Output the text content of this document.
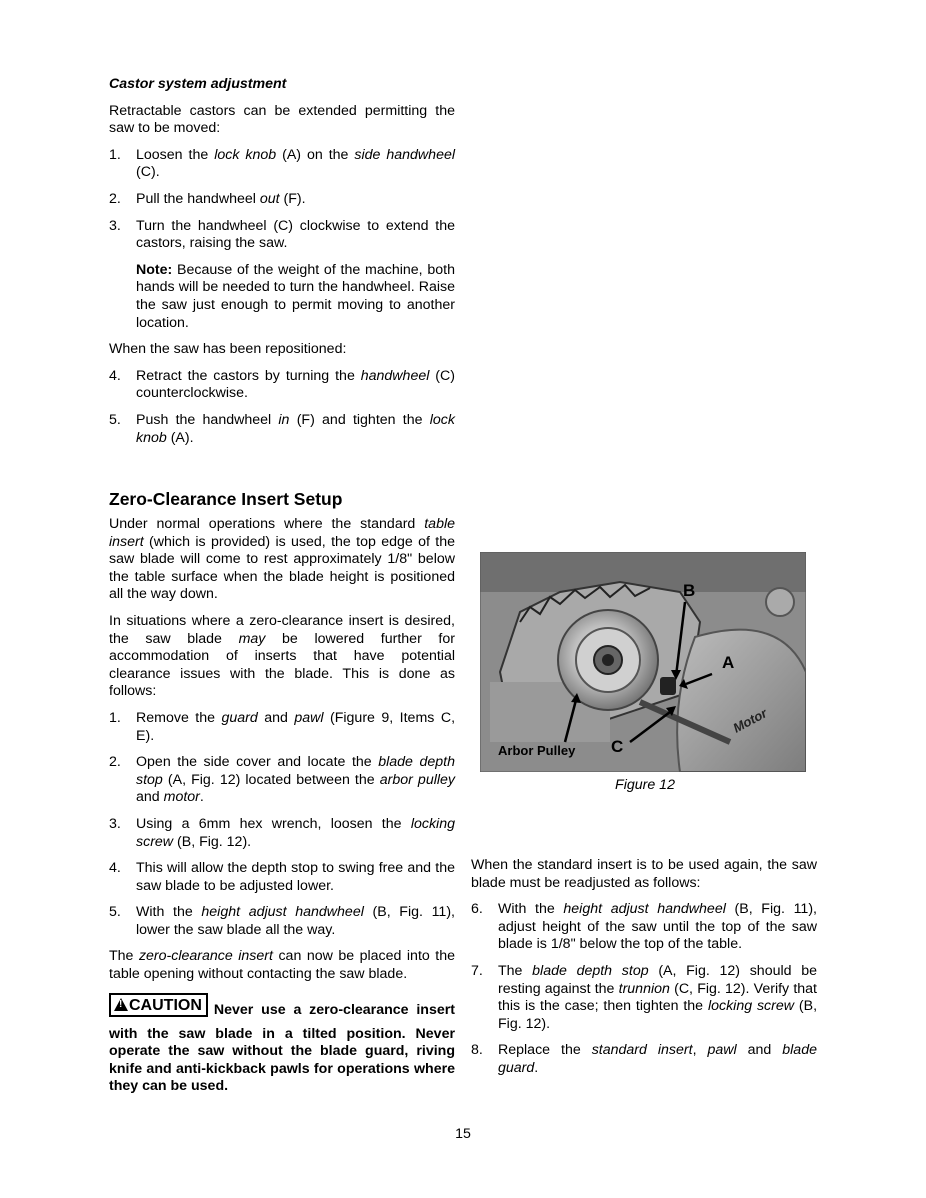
Castor system adjustment

Retractable castors can be extended permitting the saw to be moved:

1. Loosen the lock knob (A) on the side handwheel (C).
2. Pull the handwheel out (F).
3. Turn the handwheel (C) clockwise to extend the castors, raising the saw.
Note: Because of the weight of the machine, both hands will be needed to turn the handwheel. Raise the saw just enough to permit moving to another location.

When the saw has been repositioned:

4. Retract the castors by turning the handwheel (C) counterclockwise.
5. Push the handwheel in (F) and tighten the lock knob (A).

Zero-Clearance Insert Setup

Under normal operations where the standard table insert (which is provided) is used, the top edge of the saw blade will come to rest approximately 1/8" below the table surface when the blade height is positioned all the way down.

In situations where a zero-clearance insert is desired, the saw blade may be lowered further for accommodation of inserts that have potential clearance issues with the blade. This is done as follows:

1. Remove the guard and pawl (Figure 9, Items C, E).
2. Open the side cover and locate the blade depth stop (A, Fig. 12) located between the arbor pulley and motor.
3. Using a 6mm hex wrench, loosen the locking screw (B, Fig. 12).
4. This will allow the depth stop to swing free and the saw blade to be adjusted lower.
5. With the height adjust handwheel (B, Fig. 11), lower the saw blade all the way.

The zero-clearance insert can now be placed into the table opening without contacting the saw blade.

!CAUTION Never use a zero-clearance insert with the saw blade in a tilted position. Never operate the saw without the blade guard, riving knife and anti-kickback pawls for operations where they can be used.

B
A
C
Arbor Pulley
Motor
Figure 12

When the standard insert is to be used again, the saw blade must be readjusted as follows:

6. With the height adjust handwheel (B, Fig. 11), adjust height of the saw until the top of the saw blade is 1/8" below the top of the table.
7. The blade depth stop (A, Fig. 12) should be resting against the trunnion (C, Fig. 12). Verify that this is the case; then tighten the locking screw (B, Fig. 12).
8. Replace the standard insert, pawl and blade guard.
15
